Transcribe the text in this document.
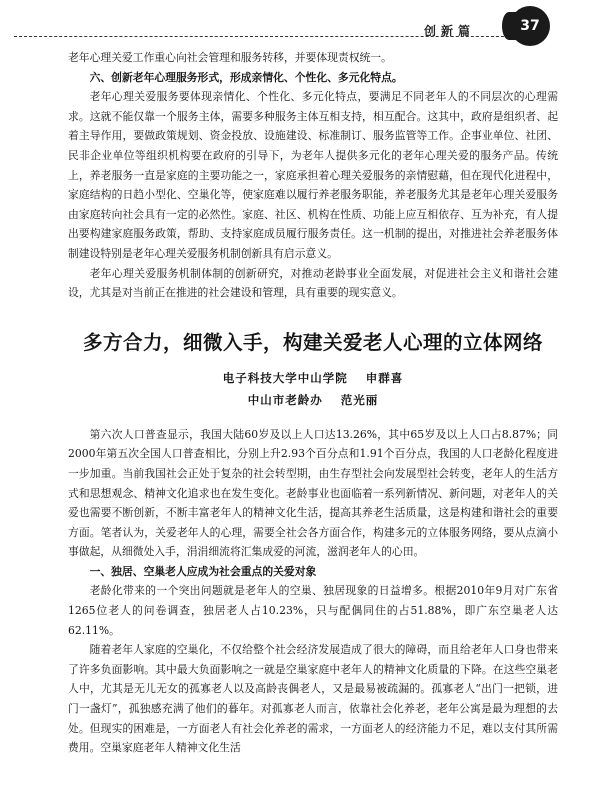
创新篇	37

老年心理关爱工作重心向社会管理和服务转移，并要体现责权统一。

六、创新老年心理服务形式，形成亲情化、个性化、多元化特点。

老年心理关爱服务要体现亲情化、个性化、多元化特点，要满足不同老年人的不同层次的心理需求。这就不能仅靠一个服务主体，需要多种服务主体互相支持，相互配合。这其中，政府是组织者、起着主导作用，要做政策规划、资金投放、设施建设、标准制订、服务监管等工作。企事业单位、社团、民非企业单位等组织机构要在政府的引导下，为老年人提供多元化的老年心理关爱的服务产品。传统上，养老服务一直是家庭的主要功能之一，家庭承担着心理关爱服务的亲情慰藉，但在现代化进程中，家庭结构的日趋小型化、空巢化等，使家庭难以履行养老服务职能，养老服务尤其是老年心理关爱服务由家庭转向社会具有一定的必然性。家庭、社区、机构在性质、功能上应互相依存、互为补充，有人提出要构建家庭服务政策，帮助、支持家庭成员履行服务责任。这一机制的提出，对推进社会养老服务体制建设特别是老年心理关爱服务机制创新具有启示意义。

老年心理关爱服务机制体制的创新研究，对推动老龄事业全面发展，对促进社会主义和谐社会建设，尤其是对当前正在推进的社会建设和管理，具有重要的现实意义。

多方合力，细微入手，构建关爱老人心理的立体网络
电子科技大学中山学院 申群喜
中山市老龄办 范光丽

第六次人口普查显示，我国大陆60岁及以上人口达13.26%，其中65岁及以上人口占8.87%；同2000年第五次全国人口普查相比，分别上升2.93个百分点和1.91个百分点，我国的人口老龄化程度进一步加重。当前我国社会正处于复杂的社会转型期，由生存型社会向发展型社会转变，老年人的生活方式和思想观念、精神文化追求也在发生变化。老龄事业也面临着一系列新情况、新问题，对老年人的关爱也需要不断创新，不断丰富老年人的精神文化生活，提高其养老生活质量，这是构建和谐社会的重要方面。笔者认为，关爱老年人的心理，需要全社会各方面合作，构建多元的立体服务网络，要从点滴小事做起，从细微处入手，涓涓细流将汇集成爱的河流，滋润老年人的心田。

一、独居、空巢老人应成为社会重点的关爱对象

老龄化带来的一个突出问题就是老年人的空巢、独居现象的日益增多。根据2010年9月对广东省1265位老人的问卷调查，独居老人占10.23%，只与配偶同住的占51.88%，即广东空巢老人达62.11%。

随着老年人家庭的空巢化，不仅给整个社会经济发展造成了很大的障碍，而且给老年人口身也带来了许多负面影响。其中最大负面影响之一就是空巢家庭中老年人的精神文化质量的下降。在这些空巢老人中，尤其是无儿无女的孤寡老人以及高龄丧偶老人，又是最易被疏漏的。孤寡老人“出门一把锁，进门一盏灯”，孤独感充满了他们的暮年。对孤寡老人而言，依靠社会化养老，老年公寓是最为理想的去处。但现实的困难是，一方面老人有社会化养老的需求，一方面老人的经济能力不足，难以支付其所需费用。空巢家庭老年人精神文化生活
